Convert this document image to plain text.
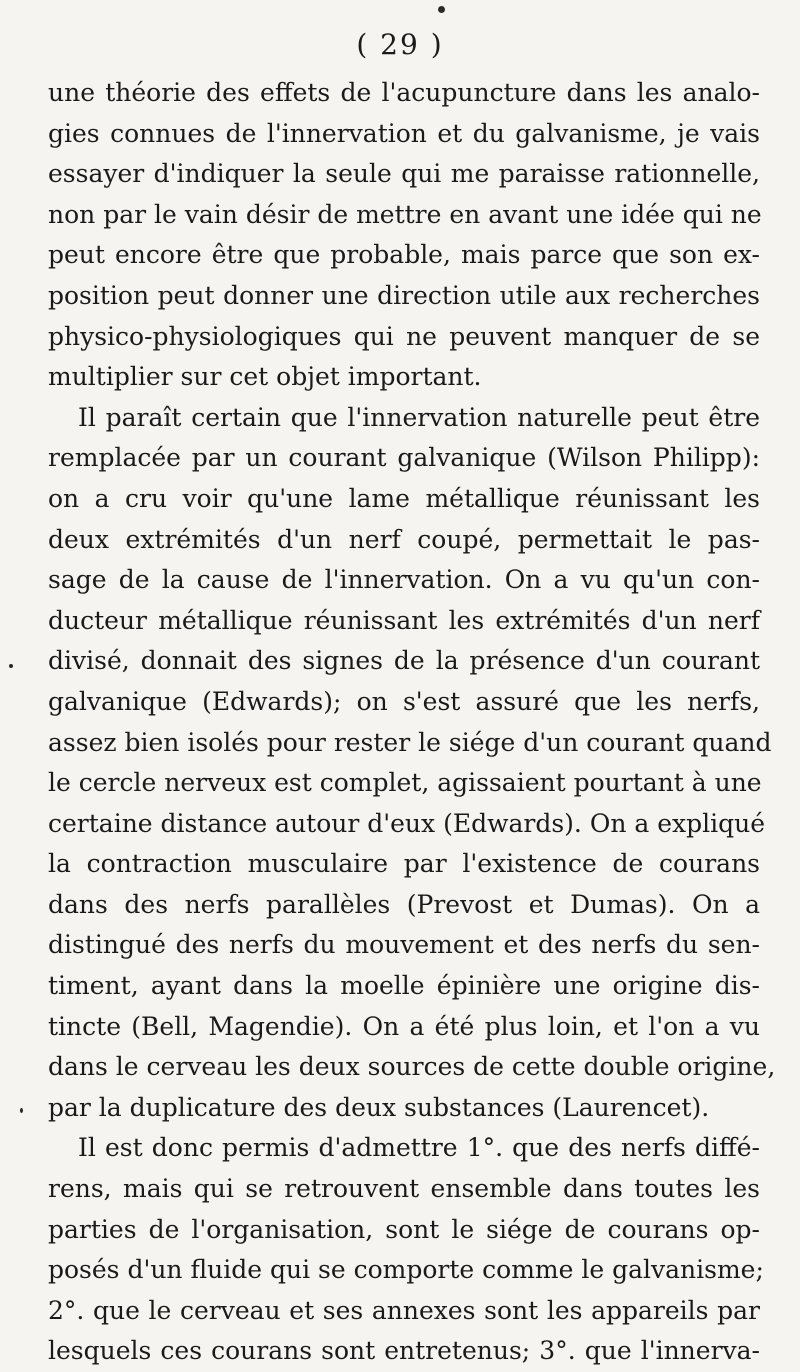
( 29 )
une théorie des effets de l'acupuncture dans les analo-
gies connues de l'innervation et du galvanisme, je vais
essayer d'indiquer la seule qui me paraisse rationnelle,
non par le vain désir de mettre en avant une idée qui ne
peut encore être que probable, mais parce que son ex-
position peut donner une direction utile aux recherches
physico-physiologiques qui ne peuvent manquer de se
multiplier sur cet objet important.
Il paraît certain que l'innervation naturelle peut être
remplacée par un courant galvanique (Wilson Philipp):
on a cru voir qu'une lame métallique réunissant les
deux extrémités d'un nerf coupé, permettait le pas-
sage de la cause de l'innervation. On a vu qu'un con-
ducteur métallique réunissant les extrémités d'un nerf
divisé, donnait des signes de la présence d'un courant
galvanique (Edwards); on s'est assuré que les nerfs,
assez bien isolés pour rester le siége d'un courant quand
le cercle nerveux est complet, agissaient pourtant à une
certaine distance autour d'eux (Edwards). On a expliqué
la contraction musculaire par l'existence de courans
dans des nerfs parallèles (Prevost et Dumas). On a
distingué des nerfs du mouvement et des nerfs du sen-
timent, ayant dans la moelle épinière une origine dis-
tincte (Bell, Magendie). On a été plus loin, et l'on a vu
dans le cerveau les deux sources de cette double origine,
par la duplicature des deux substances (Laurencet).
Il est donc permis d'admettre 1°. que des nerfs diffé-
rens, mais qui se retrouvent ensemble dans toutes les
parties de l'organisation, sont le siége de courans op-
posés d'un fluide qui se comporte comme le galvanisme;
2°. que le cerveau et ses annexes sont les appareils par
lesquels ces courans sont entretenus; 3°. que l'innerva-
